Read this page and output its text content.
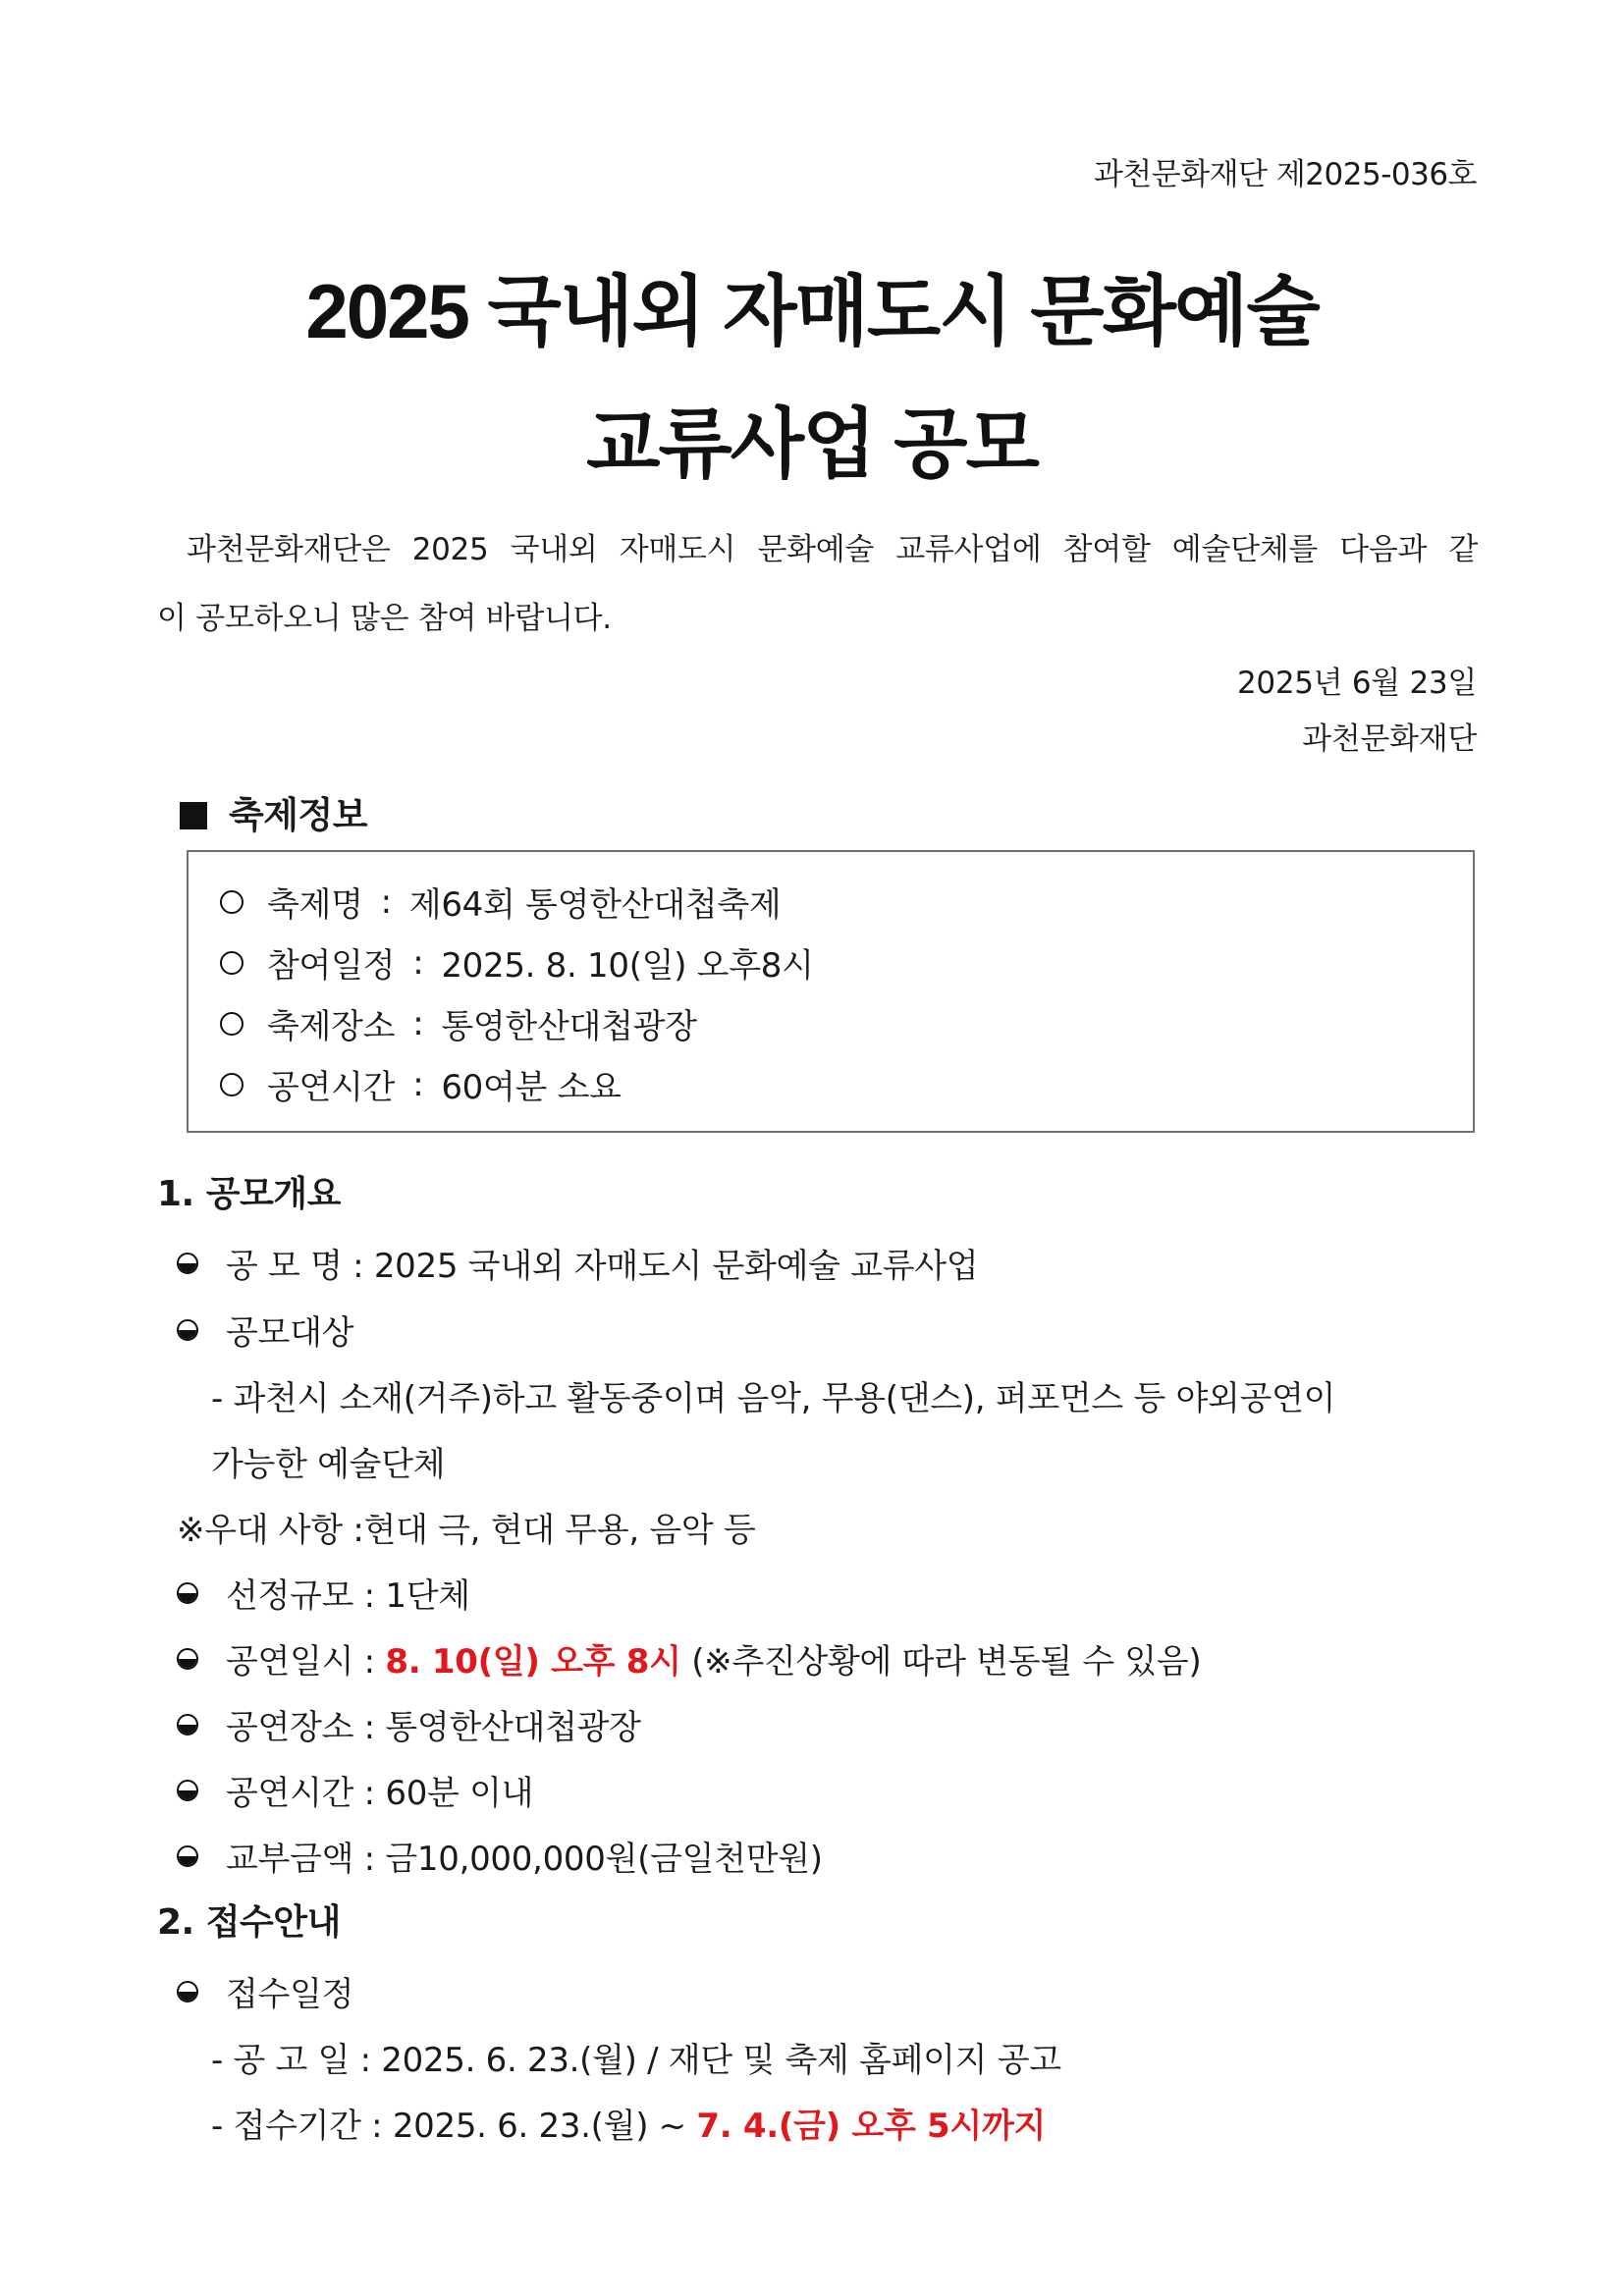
과천문화재단 제2025-036호
2025 국내외 자매도시 문화예술
교류사업 공모
과천문화재단은 2025 국내외 자매도시 문화예술 교류사업에 참여할 예술단체를 다음과 같
이 공모하오니 많은 참여 바랍니다.
2025년 6월 23일
과천문화재단
축제정보
축제명 : 제64회 통영한산대첩축제
참여일정 : 2025. 8. 10(일) 오후8시
축제장소 : 통영한산대첩광장
공연시간 : 60여분 소요
1. 공모개요
공 모 명 :
2025 국내외 자매도시 문화예술 교류사업
공모대상
- 과천시 소재(거주)하고 활동중이며 음악, 무용(댄스), 퍼포먼스 등 야외공연이
가능한 예술단체
※우대 사항 :현대 극, 현대 무용, 음악 등
선정규모 :
1단체
공연일시 :
8. 10(일) 오후 8시
(※추진상황에 따라 변동될 수 있음)
공연장소 :
통영한산대첩광장
공연시간 :
60분 이내
교부금액 :
금10,000,000원(금일천만원)
2. 접수안내
접수일정
- 공 고 일 : 2025. 6. 23.(월) / 재단 및 축제 홈페이지 공고
- 접수기간 : 2025. 6. 23.(월) ~ 7. 4.(금) 오후 5시까지
